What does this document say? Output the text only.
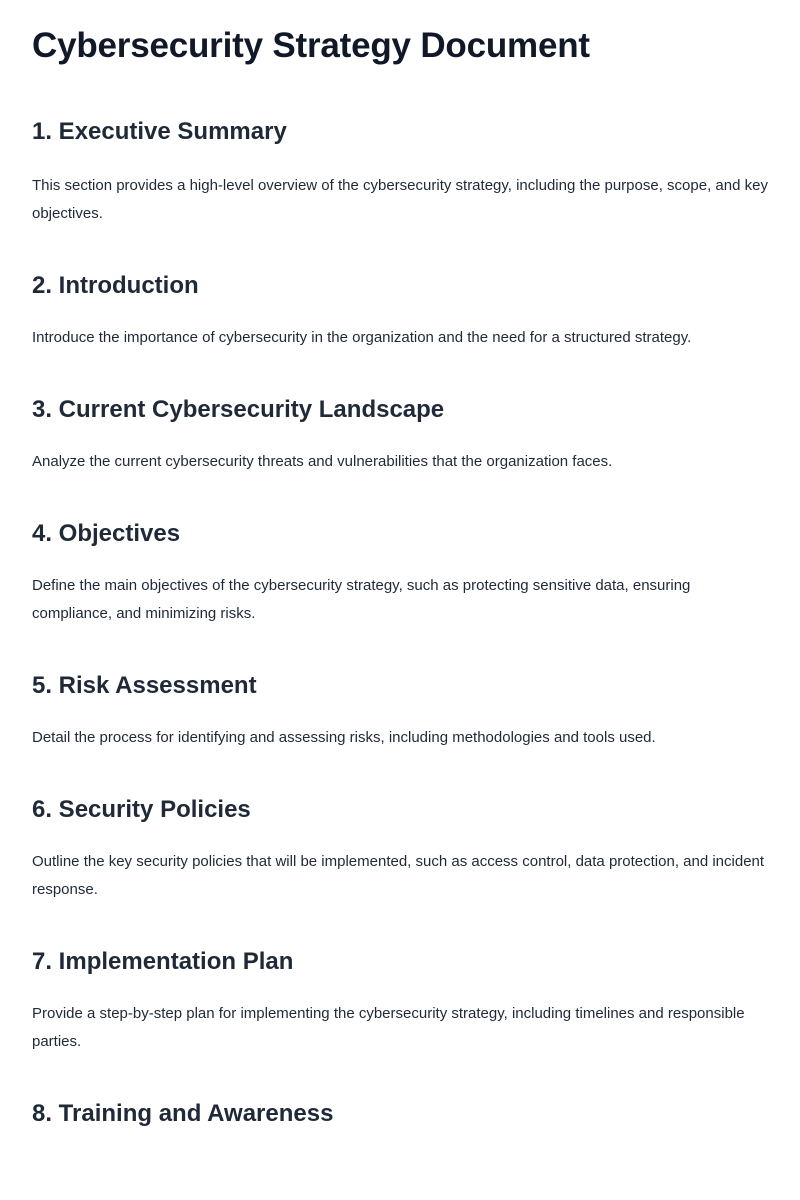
Cybersecurity Strategy Document
1. Executive Summary

This section provides a high-level overview of the cybersecurity strategy, including the purpose, scope, and key objectives.

2. Introduction

Introduce the importance of cybersecurity in the organization and the need for a structured strategy.

3. Current Cybersecurity Landscape

Analyze the current cybersecurity threats and vulnerabilities that the organization faces.

4. Objectives

Define the main objectives of the cybersecurity strategy, such as protecting sensitive data, ensuring compliance, and minimizing risks.

5. Risk Assessment

Detail the process for identifying and assessing risks, including methodologies and tools used.

6. Security Policies

Outline the key security policies that will be implemented, such as access control, data protection, and incident response.

7. Implementation Plan

Provide a step-by-step plan for implementing the cybersecurity strategy, including timelines and responsible parties.

8. Training and Awareness
